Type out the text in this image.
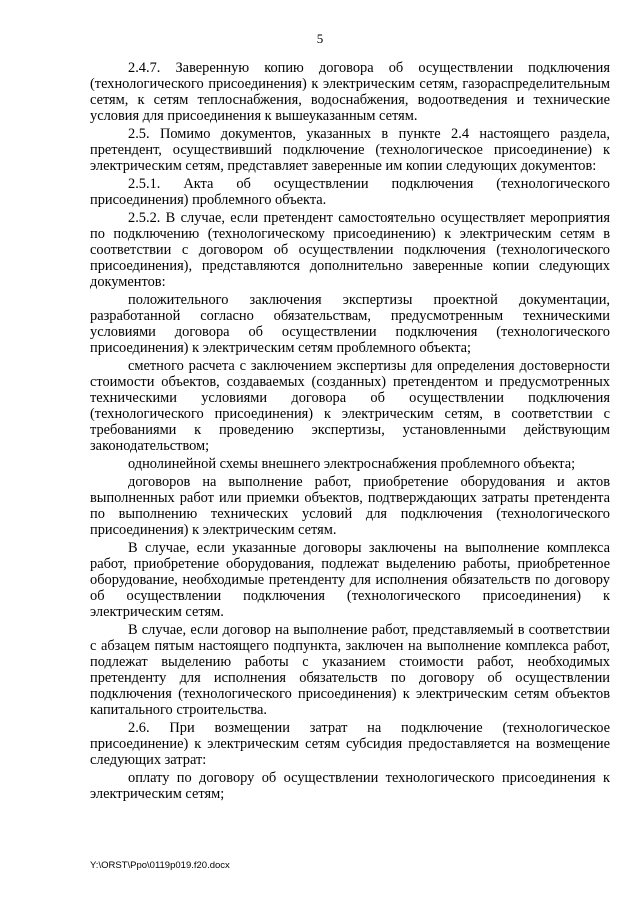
5

2.4.7. Заверенную копию договора об осуществлении подключения (технологического присоединения) к электрическим сетям, газораспределительным сетям, к сетям теплоснабжения, водоснабжения, водоотведения и технические условия для присоединения к вышеуказанным сетям.

2.5. Помимо документов, указанных в пункте 2.4 настоящего раздела, претендент, осуществивший подключение (технологическое присоединение) к электрическим сетям, представляет заверенные им копии следующих документов:

2.5.1. Акта об осуществлении подключения (технологического присоединения) проблемного объекта.

2.5.2. В случае, если претендент самостоятельно осуществляет мероприятия по подключению (технологическому присоединению) к электрическим сетям в соответствии с договором об осуществлении подключения (технологического присоединения), представляются дополнительно заверенные копии следующих документов:

положительного заключения экспертизы проектной документации, разработанной согласно обязательствам, предусмотренным техническими условиями договора об осуществлении подключения (технологического присоединения) к электрическим сетям проблемного объекта;

сметного расчета с заключением экспертизы для определения достоверности стоимости объектов, создаваемых (созданных) претендентом и предусмотренных техническими условиями договора об осуществлении подключения (технологического присоединения) к электрическим сетям, в соответствии с требованиями к проведению экспертизы, установленными действующим законодательством;

однолинейной схемы внешнего электроснабжения проблемного объекта;

договоров на выполнение работ, приобретение оборудования и актов выполненных работ или приемки объектов, подтверждающих затраты претендента по выполнению технических условий для подключения (технологического присоединения) к электрическим сетям.

В случае, если указанные договоры заключены на выполнение комплекса работ, приобретение оборудования, подлежат выделению работы, приобретенное оборудование, необходимые претенденту для исполнения обязательств по договору об осуществлении подключения (технологического присоединения) к электрическим сетям.

В случае, если договор на выполнение работ, представляемый в соответствии с абзацем пятым настоящего подпункта, заключен на выполнение комплекса работ, подлежат выделению работы с указанием стоимости работ, необходимых претенденту для исполнения обязательств по договору об осуществлении подключения (технологического присоединения) к электрическим сетям объектов капитального строительства.

2.6. При возмещении затрат на подключение (технологическое присоединение) к электрическим сетям субсидия предоставляется на возмещение следующих затрат:

оплату по договору об осуществлении технологического присоединения к электрическим сетям;

Y:\ORST\Ppo\0119p019.f20.docx
